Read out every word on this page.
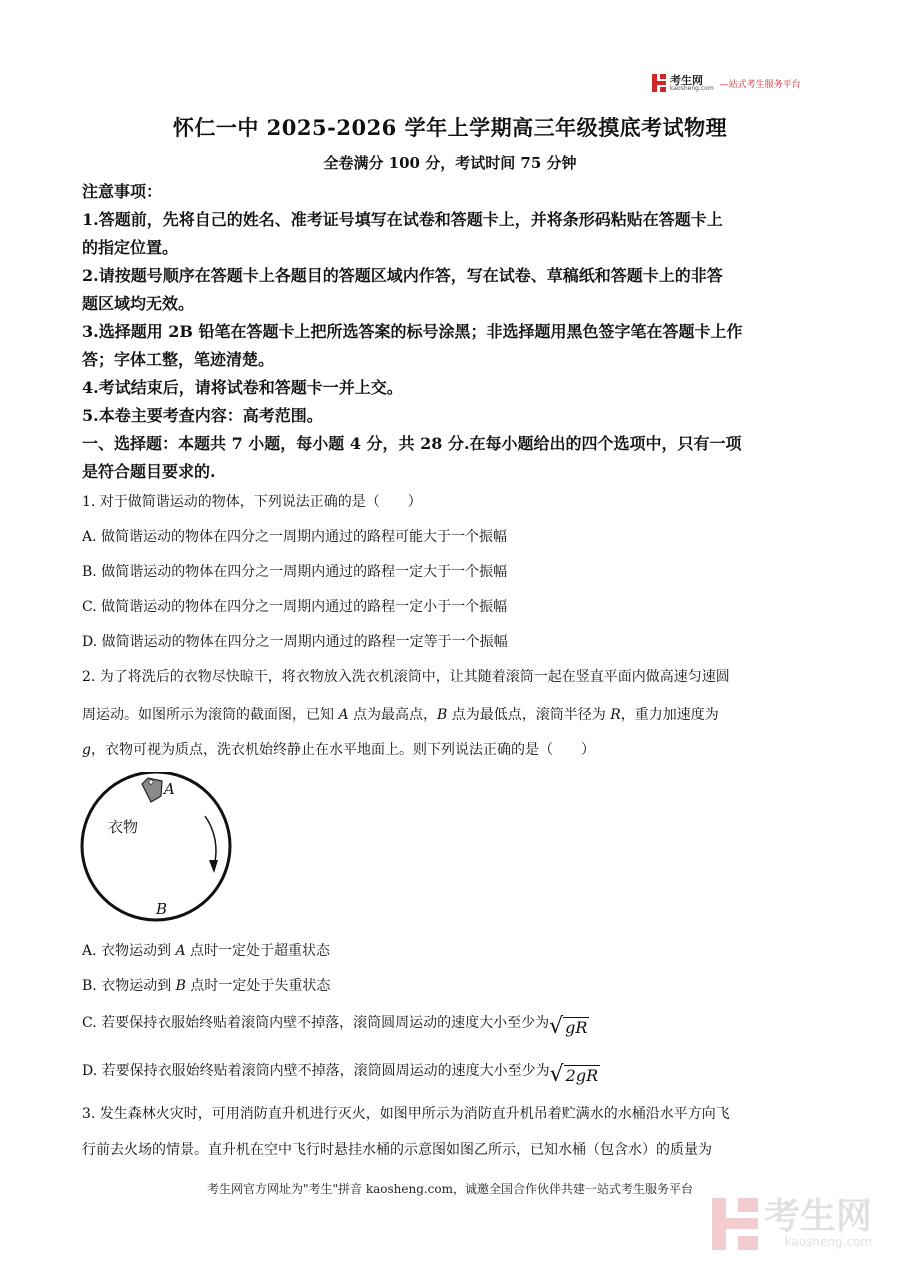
考生网
kaosheng.com —站式考生服务平台
怀仁一中 2025-2026 学年上学期高三年级摸底考试物理
全卷满分 100 分，考试时间 75 分钟
注意事项：
1.答题前，先将自己的姓名、准考证号填写在试卷和答题卡上，并将条形码粘贴在答题卡上
的指定位置。
2.请按题号顺序在答题卡上各题目的答题区域内作答，写在试卷、草稿纸和答题卡上的非答
题区域均无效。
3.选择题用 2B 铅笔在答题卡上把所选答案的标号涂黑；非选择题用黑色签字笔在答题卡上作
答；字体工整，笔迹清楚。
4.考试结束后，请将试卷和答题卡一并上交。
5.本卷主要考查内容：高考范围。
一、选择题：本题共 7 小题，每小题 4 分，共 28 分.在每小题给出的四个选项中，只有一项
是符合题目要求的.
1. 对于做简谐运动的物体，下列说法正确的是（　　）
A. 做简谐运动的物体在四分之一周期内通过的路程可能大于一个振幅
B. 做简谐运动的物体在四分之一周期内通过的路程一定大于一个振幅
C. 做简谐运动的物体在四分之一周期内通过的路程一定小于一个振幅
D. 做简谐运动的物体在四分之一周期内通过的路程一定等于一个振幅
2. 为了将洗后的衣物尽快晾干，将衣物放入洗衣机滚筒中，让其随着滚筒一起在竖直平面内做高速匀速圆
周运动。如图所示为滚筒的截面图，已知 A 点为最高点，B 点为最低点，滚筒半径为 R，重力加速度为
g，衣物可视为质点，洗衣机始终静止在水平地面上。则下列说法正确的是（　　）
A
B
衣物
A. 衣物运动到 A 点时一定处于超重状态
B. 衣物运动到 B 点时一定处于失重状态
C. 若要保持衣服始终贴着滚筒内壁不掉落，滚筒圆周运动的速度大小至少为 √ gR
D. 若要保持衣服始终贴着滚筒内壁不掉落，滚筒圆周运动的速度大小至少为 √ 2gR
3. 发生森林火灾时，可用消防直升机进行灭火，如图甲所示为消防直升机吊着贮满水的水桶沿水平方向飞
行前去火场的情景。直升机在空中飞行时悬挂水桶的示意图如图乙所示，已知水桶（包含水）的质量为
考生网官方网址为"考生"拼音 kaosheng.com，诚邀全国合作伙伴共建一站式考生服务平台
考生网
kaosheng.com
